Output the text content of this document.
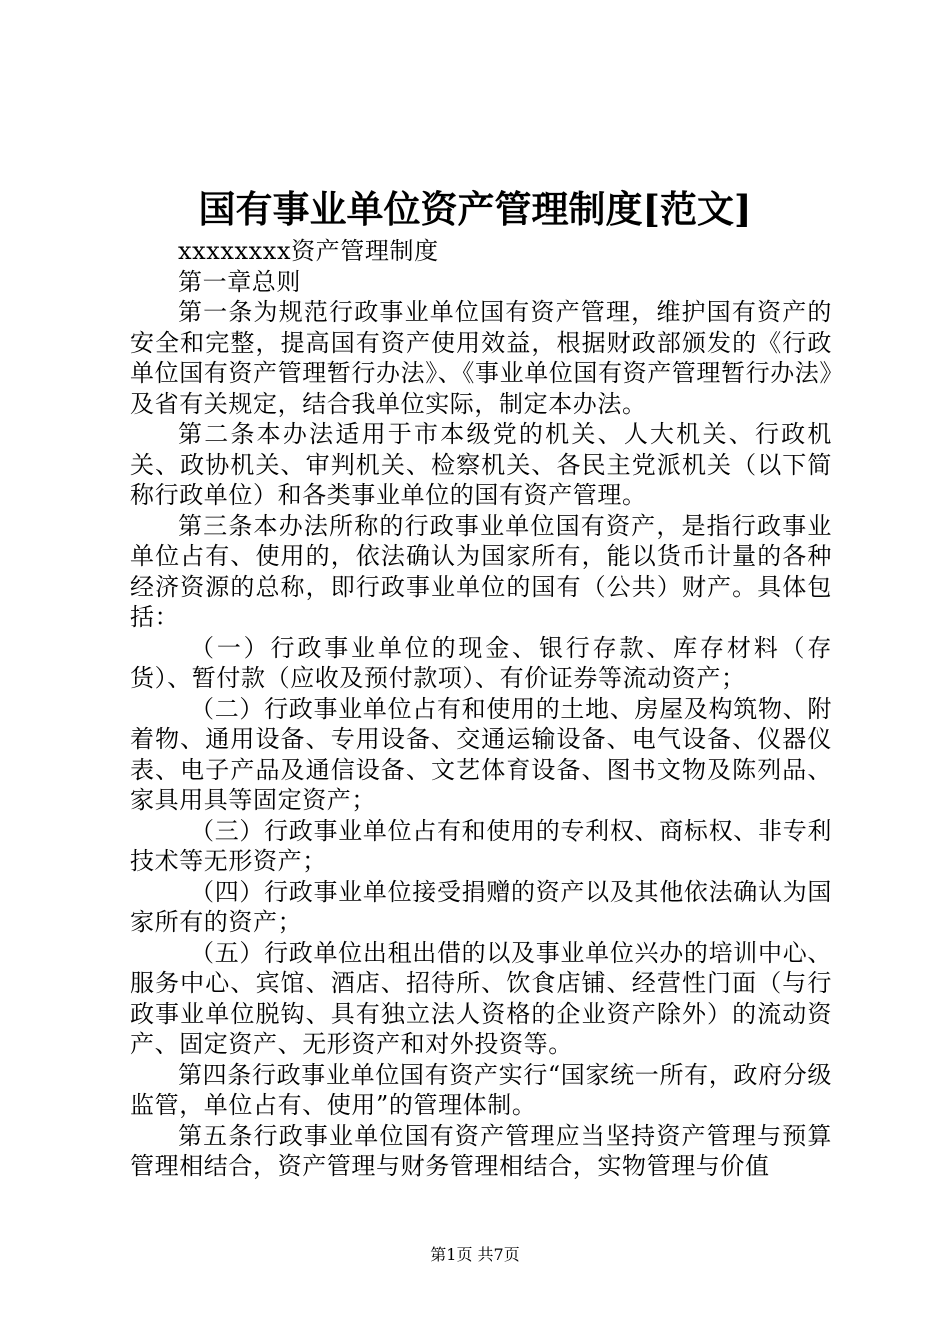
国有事业单位资产管理制度[范文]

xxxxxxxx资产管理制度

第一章总则

第一条为规范行政事业单位国有资产管理，维护国有资产的安全和完整，提高国有资产使用效益，根据财政部颁发的《行政单位国有资产管理暂行办法》、《事业单位国有资产管理暂行办法》及省有关规定，结合我单位实际，制定本办法。

第二条本办法适用于市本级党的机关、人大机关、行政机关、政协机关、审判机关、检察机关、各民主党派机关（以下简称行政单位）和各类事业单位的国有资产管理。

第三条本办法所称的行政事业单位国有资产，是指行政事业单位占有、使用的，依法确认为国家所有，能以货币计量的各种经济资源的总称，即行政事业单位的国有（公共）财产。具体包括：

（一）行政事业单位的现金、银行存款、库存材料（存货）、暂付款（应收及预付款项）、有价证券等流动资产；

（二）行政事业单位占有和使用的土地、房屋及构筑物、附着物、通用设备、专用设备、交通运输设备、电气设备、仪器仪表、电子产品及通信设备、文艺体育设备、图书文物及陈列品、家具用具等固定资产；

（三）行政事业单位占有和使用的专利权、商标权、非专利技术等无形资产；

（四）行政事业单位接受捐赠的资产以及其他依法确认为国家所有的资产；

（五）行政单位出租出借的以及事业单位兴办的培训中心、服务中心、宾馆、酒店、招待所、饮食店铺、经营性门面（与行政事业单位脱钩、具有独立法人资格的企业资产除外）的流动资产、固定资产、无形资产和对外投资等。

第四条行政事业单位国有资产实行“国家统一所有，政府分级监管，单位占有、使用”的管理体制。

第五条行政事业单位国有资产管理应当坚持资产管理与预算管理相结合，资产管理与财务管理相结合，实物管理与价值

第1页 共7页
